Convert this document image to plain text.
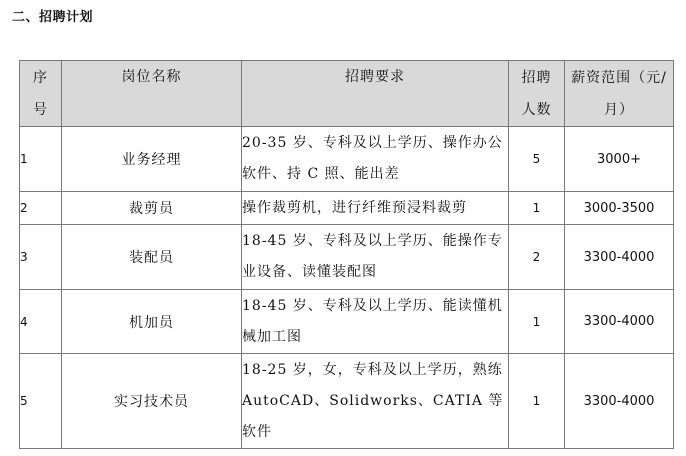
二、招聘计划
序号	岗位名称	招聘要求	招聘人数	薪资范围（元/月）
1	业务经理	20-35 岁、专科及以上学历、操作办公软件、持 C 照、能出差	5	3000+
2	裁剪员	操作裁剪机，进行纤维预浸料裁剪	1	3000-3500
3	装配员	18-45 岁、专科及以上学历、能操作专业设备、读懂装配图	2	3300-4000
4	机加员	18-45 岁、专科及以上学历、能读懂机械加工图	1	3300-4000
5	实习技术员	18-25 岁，女，专科及以上学历，熟练 AutoCAD、Solidworks、CATIA 等软件	1	3300-4000
